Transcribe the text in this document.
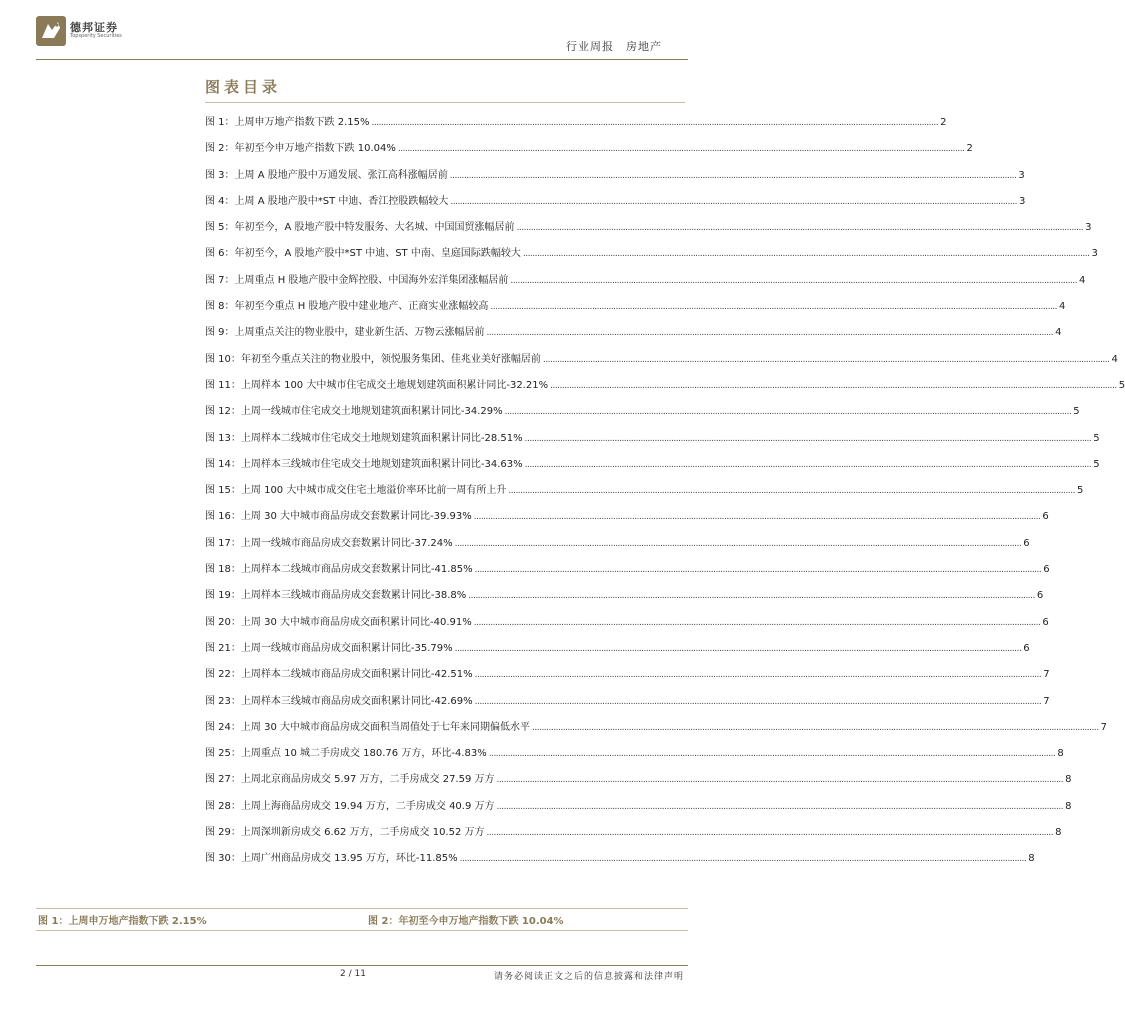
德邦证券
Topsperity Securities
行业周报　房地产
图表目录
图 1：上周申万地产指数下跌 2.15% .....	2
图 2：年初至今申万地产指数下跌 10.04% .....	2
图 3：上周 A 股地产股中万通发展、张江高科涨幅居前 .....	3
图 4：上周 A 股地产股中*ST 中迪、香江控股跌幅较大 .....	3
图 5：年初至今，A 股地产股中特发服务、大名城、中国国贸涨幅居前 .....	3
图 6：年初至今，A 股地产股中*ST 中迪、ST 中南、皇庭国际跌幅较大 .....	3
图 7：上周重点 H 股地产股中金辉控股、中国海外宏洋集团涨幅居前 .....	4
图 8：年初至今重点 H 股地产股中建业地产、正商实业涨幅较高 .....	4
图 9：上周重点关注的物业股中，建业新生活、万物云涨幅居前 .....	4
图 10：年初至今重点关注的物业股中，领悦服务集团、佳兆业美好涨幅居前 .....	4
图 11：上周样本 100 大中城市住宅成交土地规划建筑面积累计同比-32.21% .....	5
图 12：上周一线城市住宅成交土地规划建筑面积累计同比-34.29% .....	5
图 13：上周样本二线城市住宅成交土地规划建筑面积累计同比-28.51% .....	5
图 14：上周样本三线城市住宅成交土地规划建筑面积累计同比-34.63% .....	5
图 15：上周 100 大中城市成交住宅土地溢价率环比前一周有所上升 .....	5
图 16：上周 30 大中城市商品房成交套数累计同比-39.93% .....	6
图 17：上周一线城市商品房成交套数累计同比-37.24% .....	6
图 18：上周样本二线城市商品房成交套数累计同比-41.85% .....	6
图 19：上周样本三线城市商品房成交套数累计同比-38.8% .....	6
图 20：上周 30 大中城市商品房成交面积累计同比-40.91% .....	6
图 21：上周一线城市商品房成交面积累计同比-35.79% .....	6
图 22：上周样本二线城市商品房成交面积累计同比-42.51% .....	7
图 23：上周样本三线城市商品房成交面积累计同比-42.69% .....	7
图 24：上周 30 大中城市商品房成交面积当周值处于七年来同期偏低水平 .....	7
图 25：上周重点 10 城二手房成交 180.76 万方，环比-4.83% .....	8
图 27：上周北京商品房成交 5.97 万方，二手房成交 27.59 万方 .....	8
图 28：上周上海商品房成交 19.94 万方，二手房成交 40.9 万方 .....	8
图 29：上周深圳新房成交 6.62 万方，二手房成交 10.52 万方 .....	8
图 30：上周广州商品房成交 13.95 万方，环比-11.85% .....	8
图 1：上周申万地产指数下跌 2.15%	图 2：年初至今申万地产指数下跌 10.04%
2 / 11	请务必阅读正文之后的信息披露和法律声明
